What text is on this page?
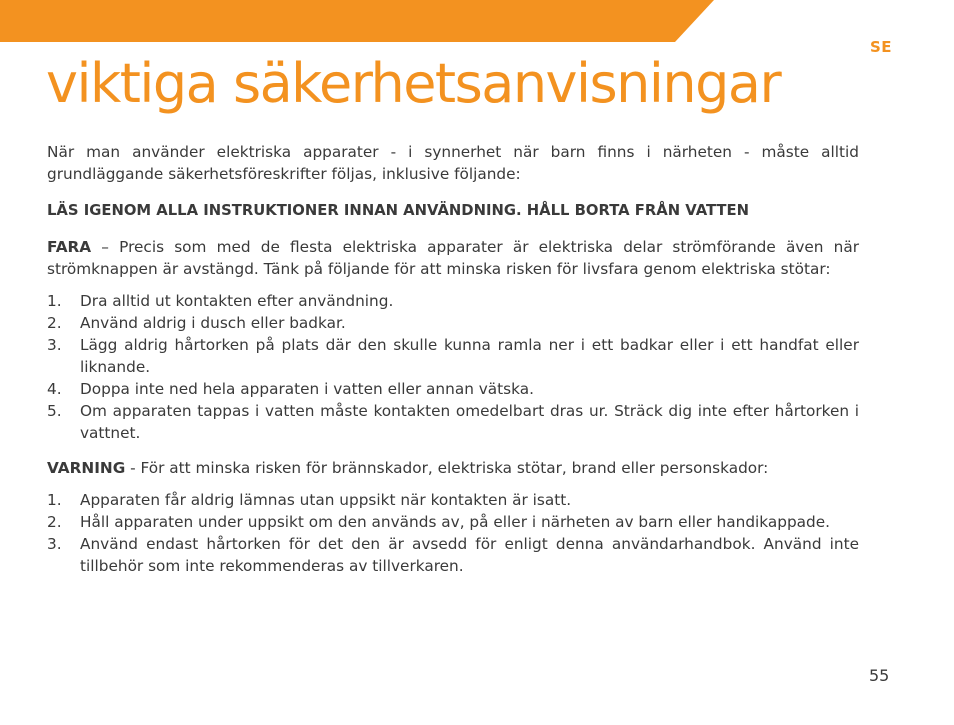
SE
viktiga säkerhetsanvisningar

När man använder elektriska apparater - i synnerhet när barn finns i närheten - måste alltid grundläggande säkerhetsföreskrifter följas, inklusive följande:

LÄS IGENOM ALLA INSTRUKTIONER INNAN ANVÄNDNING. HÅLL BORTA FRÅN VATTEN

FARA – Precis som med de flesta elektriska apparater är elektriska delar strömförande även när strömknappen är avstängd. Tänk på följande för att minska risken för livsfara genom elektriska stötar:

1.	Dra alltid ut kontakten efter användning.
2.	Använd aldrig i dusch eller badkar.
3.	Lägg aldrig hårtorken på plats där den skulle kunna ramla ner i ett badkar eller i ett handfat eller liknande.
4.	Doppa inte ned hela apparaten i vatten eller annan vätska.
5.	Om apparaten tappas i vatten måste kontakten omedelbart dras ur. Sträck dig inte efter hårtorken i vattnet.

VARNING - För att minska risken för brännskador, elektriska stötar, brand eller personskador:

1.	Apparaten får aldrig lämnas utan uppsikt när kontakten är isatt.
2.	Håll apparaten under uppsikt om den används av, på eller i närheten av barn eller handikappade.
3.	Använd endast hårtorken för det den är avsedd för enligt denna användarhandbok. Använd inte tillbehör som inte rekommenderas av tillverkaren.
55
